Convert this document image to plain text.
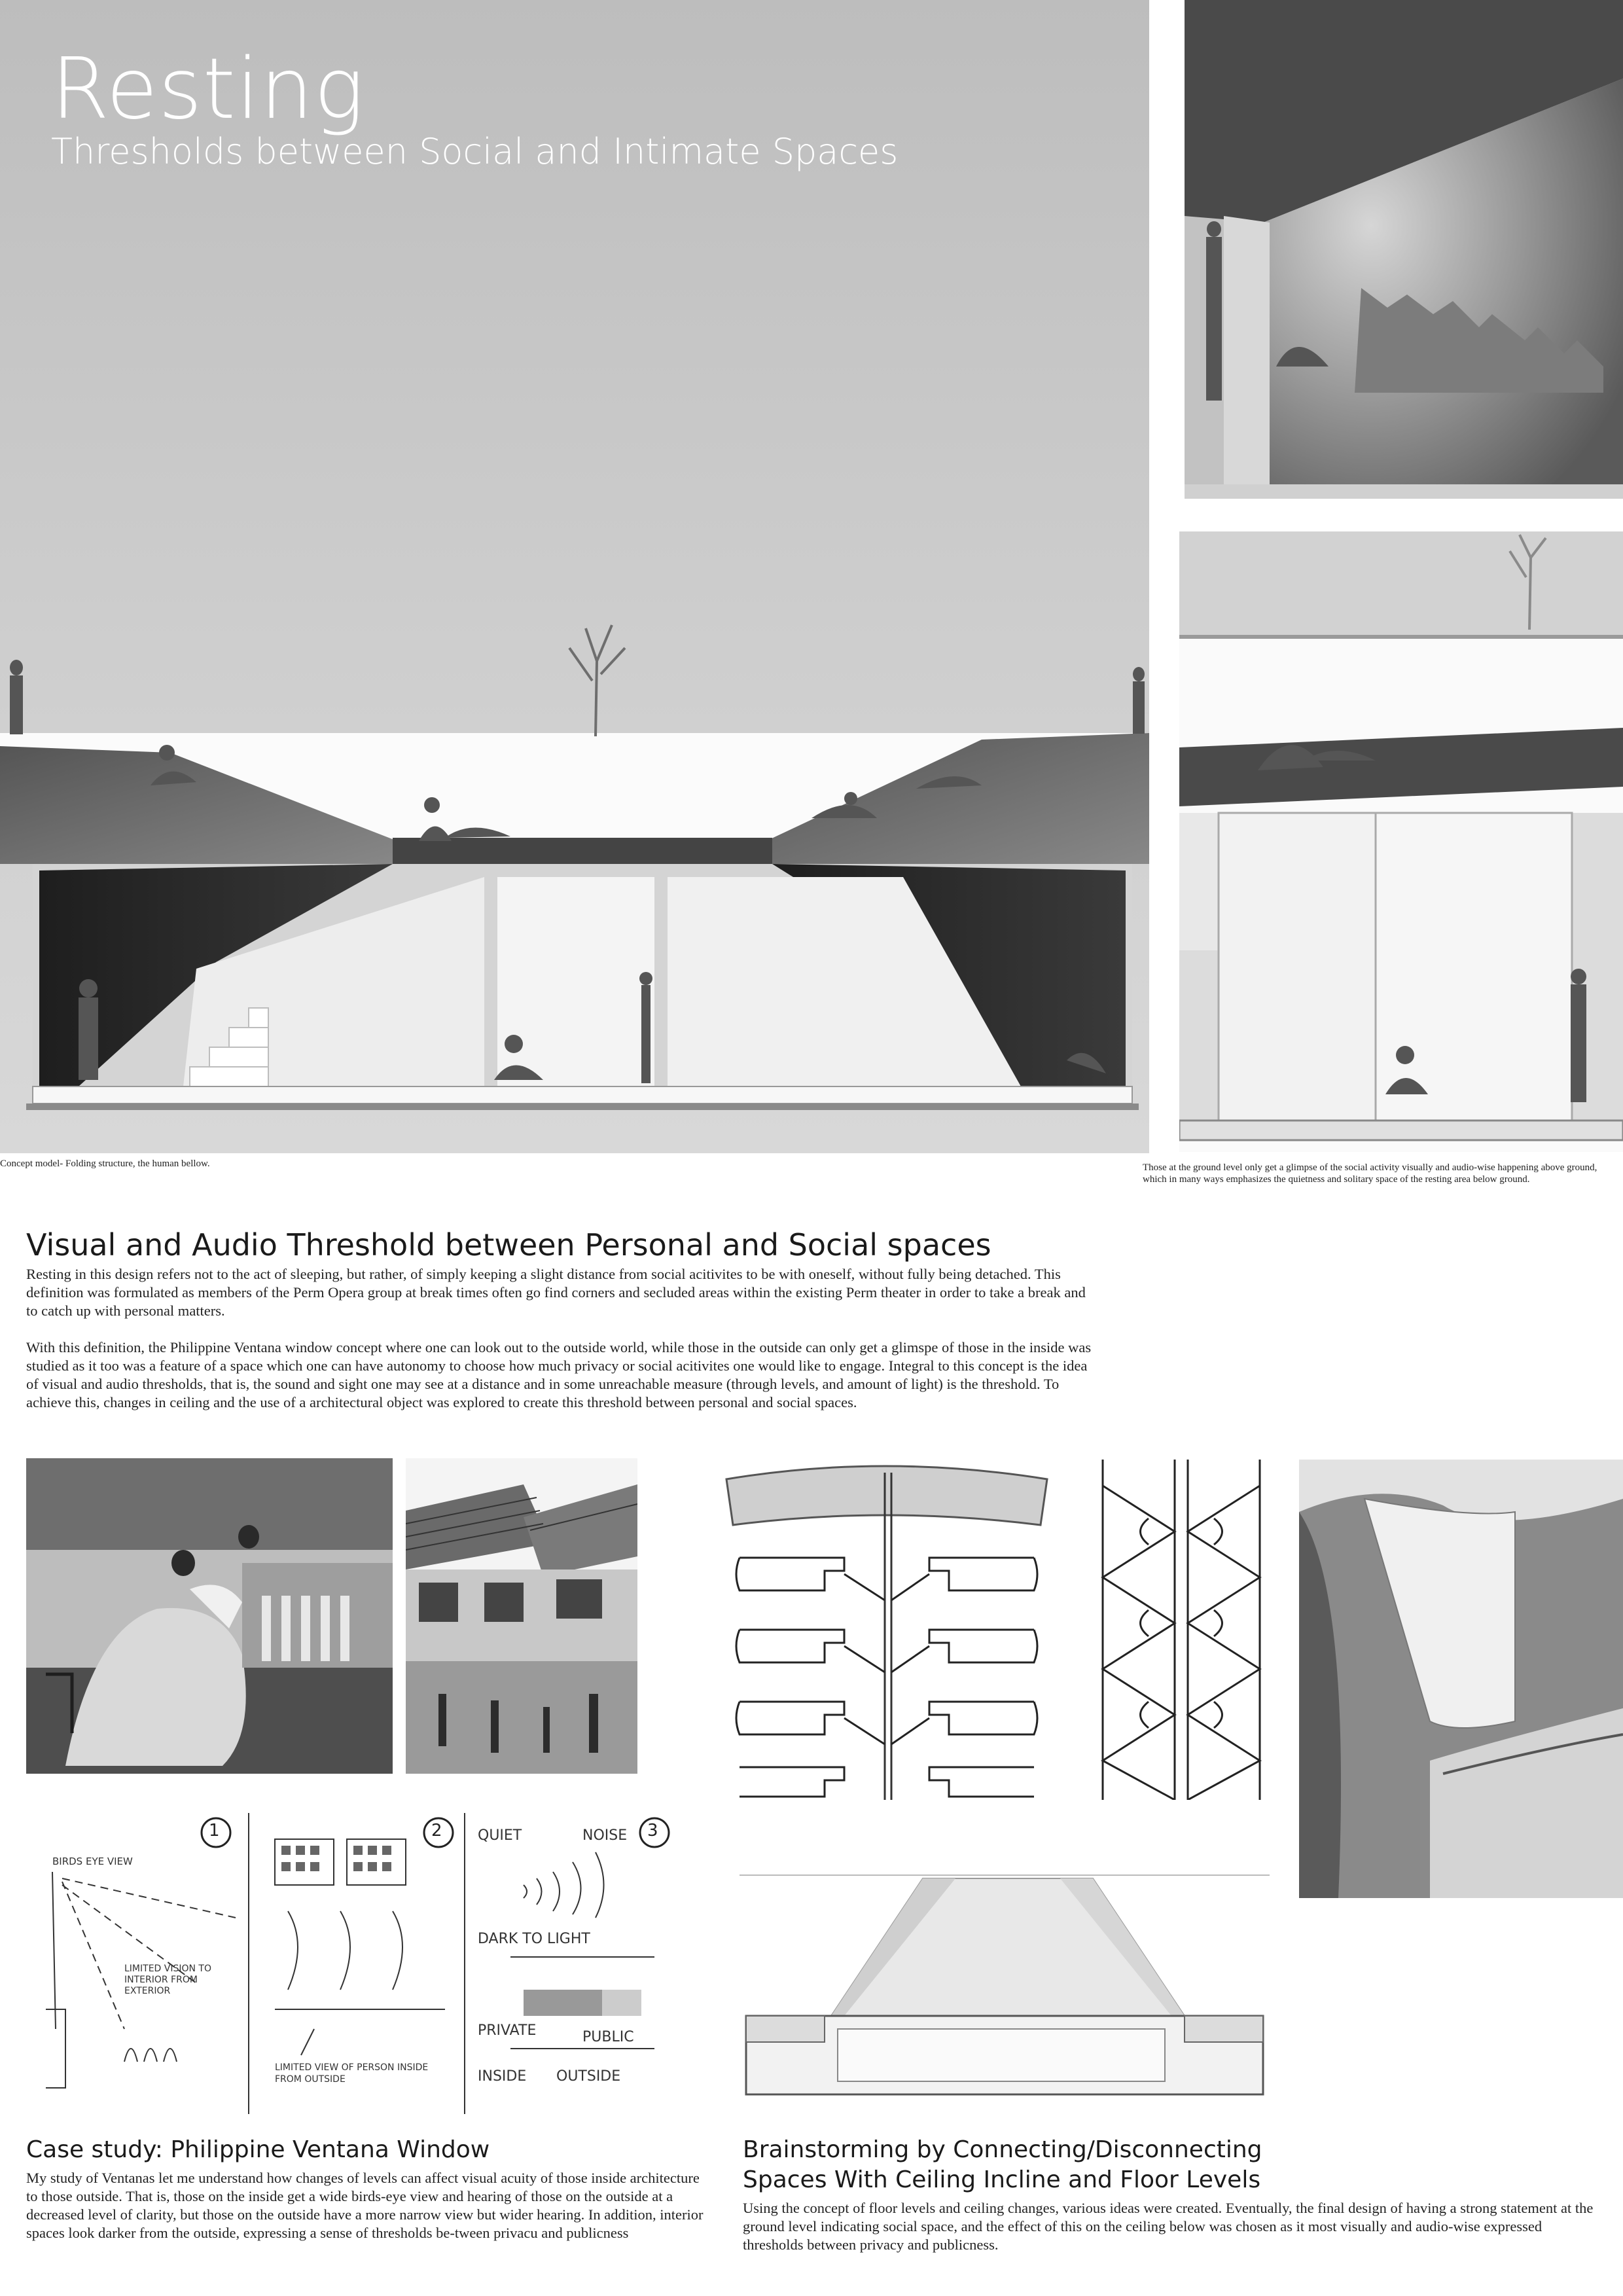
Resting
Thresholds between Social and Intimate Spaces
Concept model- Folding structure, the human bellow.	Those at the ground level only get a glimpse of the social activity visually and audio-wise happening above ground, which in many ways emphasizes the quietness and solitary space of the resting area below ground.
Visual and Audio Threshold between Personal and Social spaces

Resting in this design refers not to the act of sleeping, but rather, of simply keeping a slight distance from social acitivites to be with oneself, without fully being detached. This definition was formulated as members of the Perm Opera group at break times often go find corners and secluded areas within the existing Perm theater in order to take a break and to catch up with personal matters.

With this definition, the Philippine Ventana window concept where one can look out to the outside world, while those in the outside can only get a glimspe of those in the inside was studied as it too was a feature of a space which one can have autonomy to choose how much privacy or social acitivites one would like to engage. Integral to this concept is the idea of visual and audio thresholds, that is, the sound and sight one may see at a distance and in some unreachable measure (through levels, and amount of light) is the threshold. To achieve this, changes in ceiling and the use of a architectural object was explored to create this threshold between personal and social spaces.

1	2	3
BIRDS EYE VIEW
LIMITED VISION TO INTERIOR FROM EXTERIOR
LIMITED VIEW OF PERSON INSIDE FROM OUTSIDE
QUIET	NOISE
DARK TO LIGHT
PRIVATE	PUBLIC
INSIDE OUTSIDE
Case study: Philippine Ventana Window
My study of Ventanas let me understand how changes of levels can affect visual acuity of those inside architecture to those outside. That is, those on the inside get a wide birds-eye view and hearing of those on the outside at a decreased level of clarity, but those on the outside have a more narrow view but wider hearing. In addition, interior spaces look darker from the outside, expressing a sense of thresholds be-tween privacu and publicness
Brainstorming by Connecting/Disconnecting
Spaces With Ceiling Incline and Floor Levels
Using the concept of floor levels and ceiling changes, various ideas were created. Eventually, the final design of having a strong statement at the ground level indicating social space, and the effect of this on the ceiling below was chosen as it most visually and audio-wise expressed thresholds between privacy and publicness.
